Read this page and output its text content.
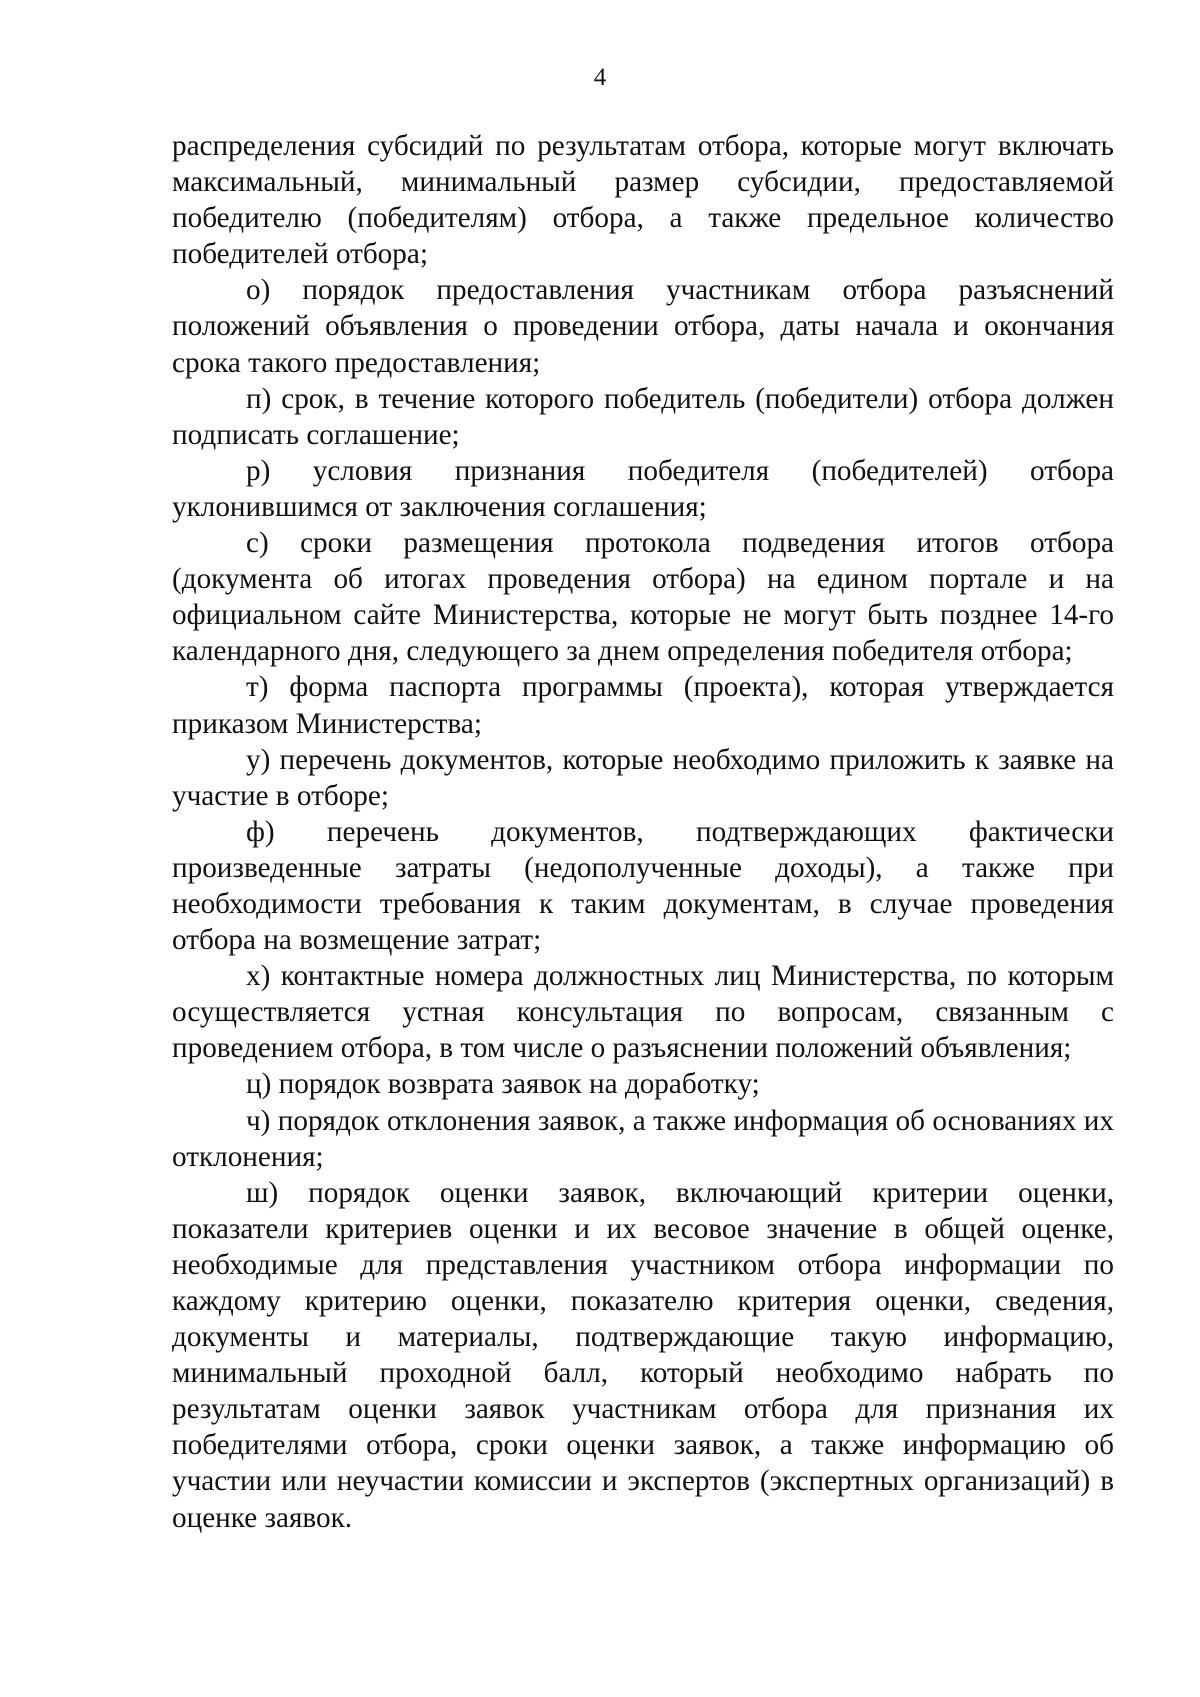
4

распределения субсидий по результатам отбора, которые могут включать максимальный, минимальный размер субсидии, предоставляемой победителю (победителям) отбора, а также предельное количество победителей отбора;

о) порядок предоставления участникам отбора разъяснений положений объявления о проведении отбора, даты начала и окончания срока такого предоставления;

п) срок, в течение которого победитель (победители) отбора должен подписать соглашение;

р) условия признания победителя (победителей) отбора уклонившимся от заключения соглашения;

с) сроки размещения протокола подведения итогов отбора (документа об итогах проведения отбора) на едином портале и на официальном сайте Министерства, которые не могут быть позднее 14-го календарного дня, следующего за днем определения победителя отбора;

т) форма паспорта программы (проекта), которая утверждается приказом Министерства;

у) перечень документов, которые необходимо приложить к заявке на участие в отборе;

ф) перечень документов, подтверждающих фактически произведенные затраты (недополученные доходы), а также при необходимости требования к таким документам, в случае проведения отбора на возмещение затрат;

х) контактные номера должностных лиц Министерства, по которым осуществляется устная консультация по вопросам, связанным с проведением отбора, в том числе о разъяснении положений объявления;

ц) порядок возврата заявок на доработку;

ч) порядок отклонения заявок, а также информация об основаниях их отклонения;

ш) порядок оценки заявок, включающий критерии оценки, показатели критериев оценки и их весовое значение в общей оценке, необходимые для представления участником отбора информации по каждому критерию оценки, показателю критерия оценки, сведения, документы и материалы, подтверждающие такую информацию, минимальный проходной балл, который необходимо набрать по результатам оценки заявок участникам отбора для признания их победителями отбора, сроки оценки заявок, а также информацию об участии или неучастии комиссии и экспертов (экспертных организаций) в оценке заявок.
